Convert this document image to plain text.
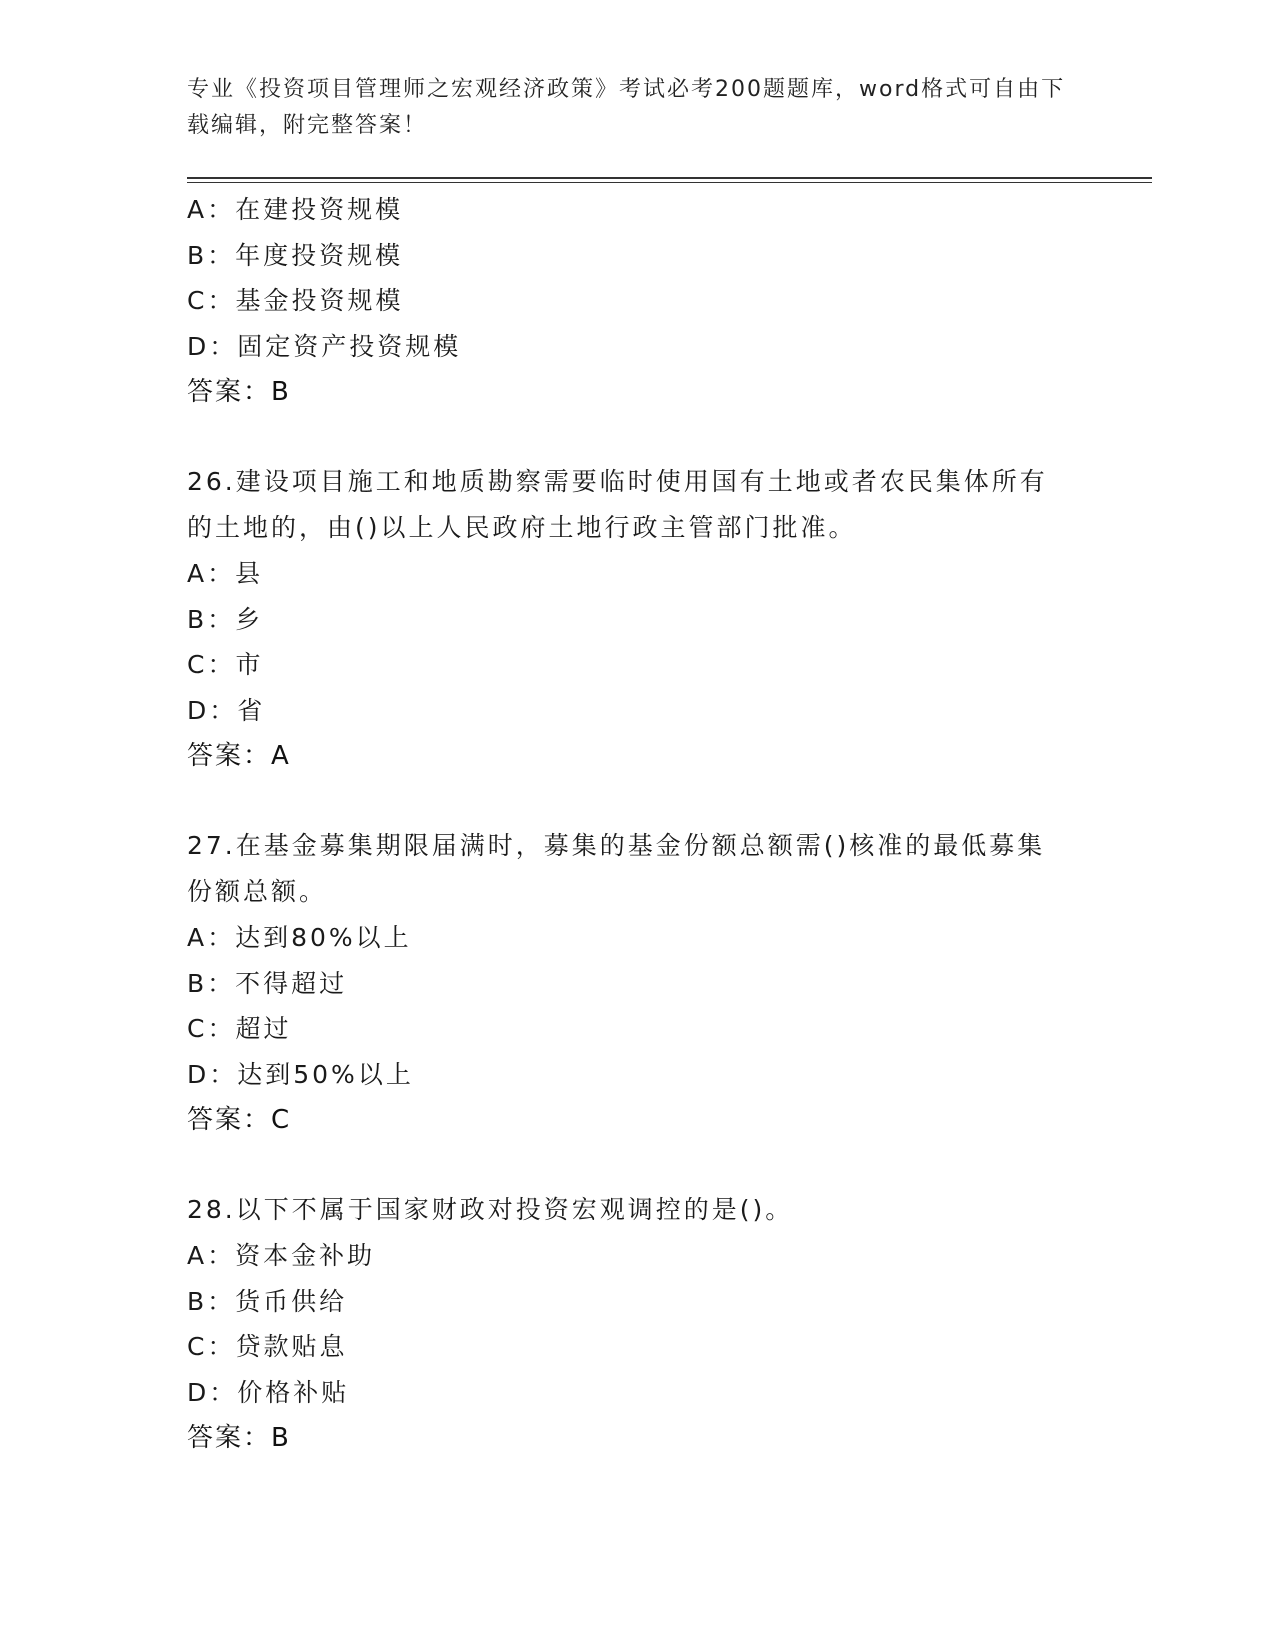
专业《投资项目管理师之宏观经济政策》考试必考200题题库，word格式可自由下载编辑，附完整答案！
A：在建投资规模
B：年度投资规模
C：基金投资规模
D：固定资产投资规模
答案：B
26.建设项目施工和地质勘察需要临时使用国有土地或者农民集体所有的土地的，由()以上人民政府土地行政主管部门批准。
A：县
B：乡
C：市
D：省
答案：A
27.在基金募集期限届满时，募集的基金份额总额需()核准的最低募集份额总额。
A：达到80%以上
B：不得超过
C：超过
D：达到50%以上
答案：C
28.以下不属于国家财政对投资宏观调控的是()。
A：资本金补助
B：货币供给
C：贷款贴息
D：价格补贴
答案：B
